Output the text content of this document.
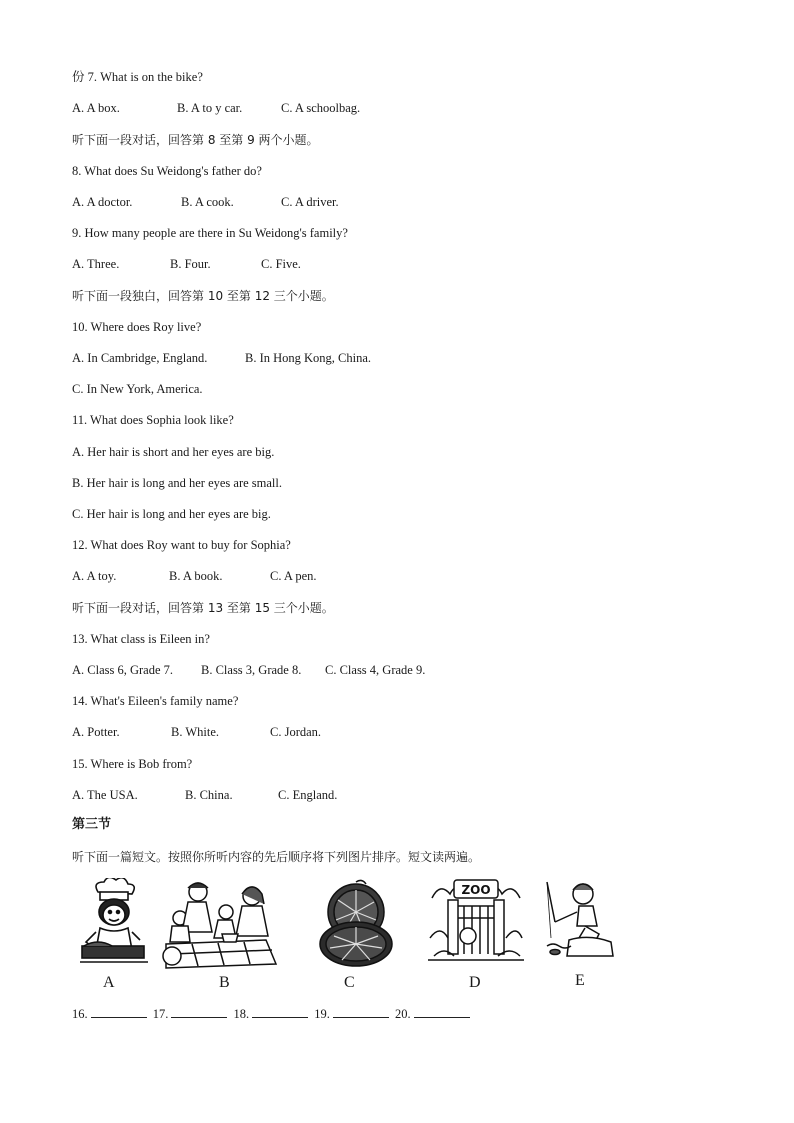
份 7. What is on the bike?
A. A box.	B. A to y car.	C. A schoolbag.
听下面一段对话，回答第 8 至第 9 两个小题。
8. What does Su Weidong's father do?
A. A doctor.	B. A cook.	C. A driver.
9. How many people are there in Su Weidong's family?
A. Three.	B. Four.	C. Five.
听下面一段独白，回答第 10 至第 12 三个小题。
10. Where does Roy live?
A. In Cambridge, England.	B. In Hong Kong, China.
C. In New York, America.
11. What does Sophia look like?
A. Her hair is short and her eyes are big.
B. Her hair is long and her eyes are small.
C. Her hair is long and her eyes are big.
12. What does Roy want to buy for Sophia?
A. A toy.	B. A book.	C. A pen.
听下面一段对话，回答第 13 至第 15 三个小题。
13. What class is Eileen in?
A. Class 6, Grade 7. B. Class 3, Grade 8. C. Class 4, Grade 9.
14. What's Eileen's family name?
A. Potter.	B. White.	C. Jordan.
15. Where is Bob from?
A. The USA.	B. China.	C. England.
第三节
听下面一篇短文。按照你所听内容的先后顺序将下列图片排序。短文读两遍。
A	B	C
ZOO
D	E
16.	17.	18.	19.	20.
